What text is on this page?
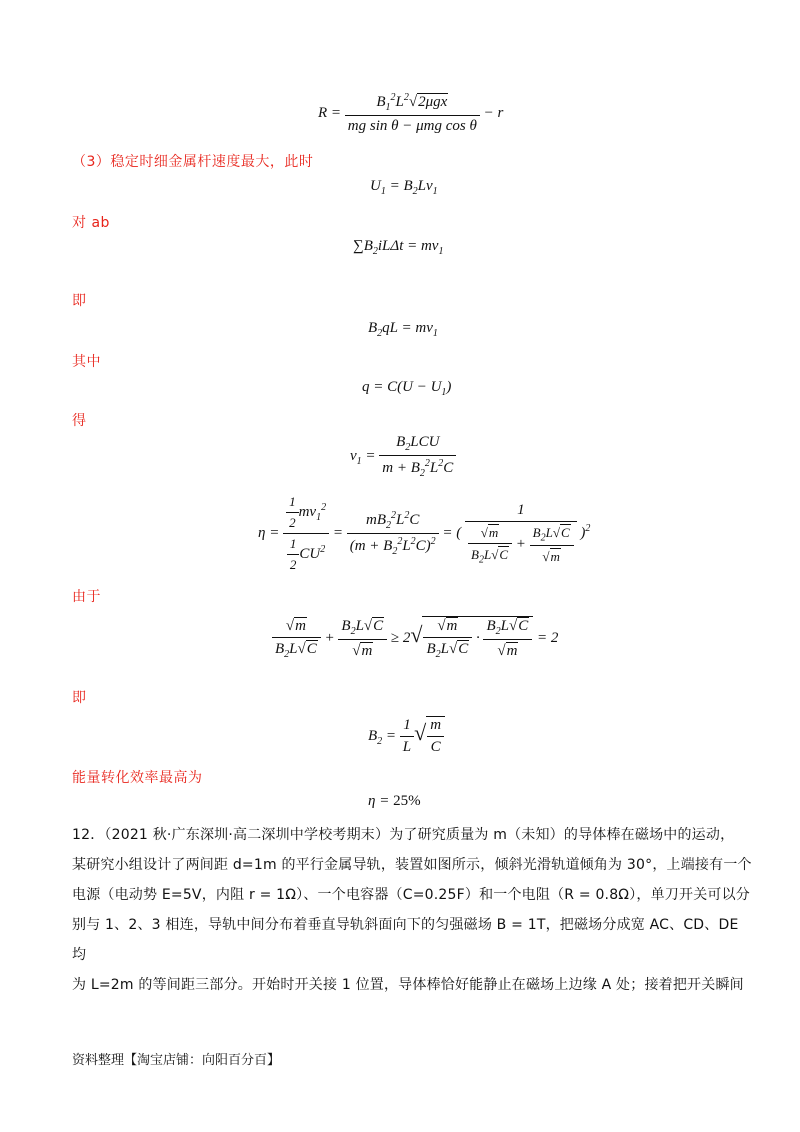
$R = \frac{B_1^2L^2√2\mu gx}{\text{mg sin θ − μmg cos θ}} - r$
（3）稳定时细金属杆速度最大，此时
$U_1 = B_2Lv_1$
对 ab
$\sum B_2iL\Delta t = mv_1$
即
$B_2qL = mv_1$
其中
$q = C(U - U_1)$
得
$v_1 = \frac{B_2LCU}{m + B_2^2L^2C}$
$\eta = \frac{\frac{1}{2} mv_1^2}{\frac{1}{2} CU^2} = \frac{mB_2^2L^2C}{(m + B_2^2L^2C)^2}$ = ( $\frac{1}{\frac{√m}{B_2L√C} + \frac{B_2L√C}{√m}} )^2$
由于
$\frac{√m}{B_2L√C} + \frac{B_2L√C}{√m} \ge 2√ \frac{√m}{B_2L√C} \cdot \frac{B_2L√C}{√m} = 2$
即
$B_2 = \frac{1}{L}$ √ $\frac{m}{C}$
能量转化效率最高为
η = 25%
12．（2021 秋·广东深圳·高二深圳中学校考期末）为了研究质量为 m（未知）的导体棒在磁场中的运动，
某研究小组设计了两间距 d=1m 的平行金属导轨，装置如图所示，倾斜光滑轨道倾角为 30°，上端接有一个
电源（电动势 E=5V，内阻 r = 1Ω）、一个电容器（C=0.25F）和一个电阻（R = 0.8Ω），单刀开关可以分
别与 1、2、3 相连，导轨中间分布着垂直导轨斜面向下的匀强磁场 B = 1T，把磁场分成宽 AC、CD、DE 均
为 L=2m 的等间距三部分。开始时开关接 1 位置，导体棒恰好能静止在磁场上边缘 A 处；接着把开关瞬间
资料整理【淘宝店铺：向阳百分百】
